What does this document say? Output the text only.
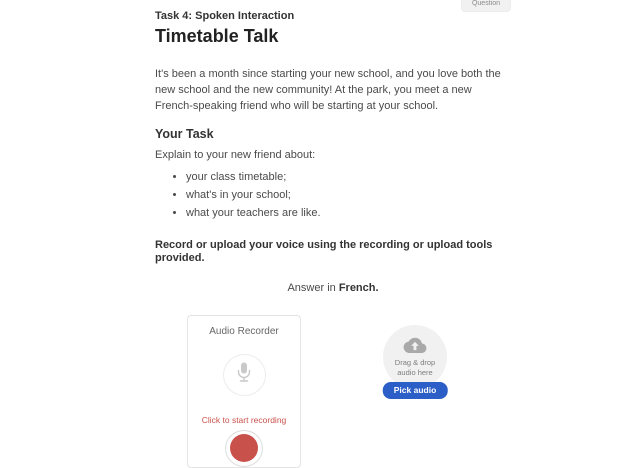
Question
Task 4: Spoken Interaction
Timetable Talk

It's been a month since starting your new school, and you love both the new school and the new community! At the park, you meet a new French-speaking friend who will be starting at your school.

Your Task

Explain to your new friend about:

• your class timetable;
• what's in your school;
• what your teachers are like.

Record or upload your voice using the recording or upload tools provided.

Answer in French.

Audio Recorder
Click to start recording
Drag & drop
audio here
Pick audio
